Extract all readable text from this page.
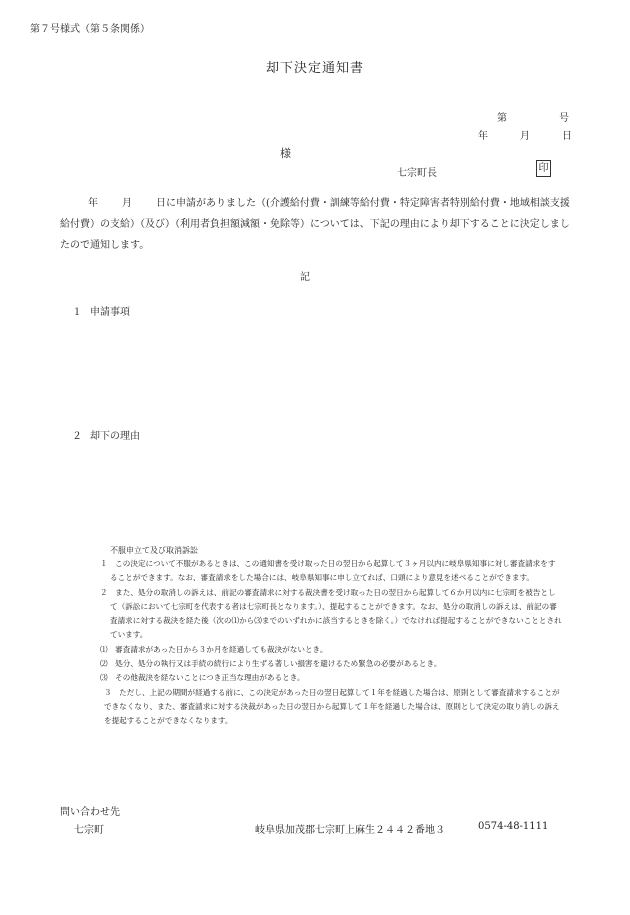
第７号様式（第５条関係）
却下決定通知書
第	号
年	月	日
様
七宗町長	印
年 月 日に申請がありました（(介護給付費・訓練等給付費・特定障害者特別給付費・地域相談支援給付費）の支給）（及び）（利用者負担額減額・免除等）については、下記の理由により却下することに決定しましたので通知します。
記
１ 申請事項
２ 却下の理由
不服申立て及び取消訴訟

１　この決定について不服があるときは、この通知書を受け取った日の翌日から起算して３ヶ月以内に岐阜県知事に対し審査請求をすることができます。なお、審査請求をした場合には、岐阜県知事に申し立てれば、口頭により意見を述べることができます。

２　また、処分の取消しの訴えは、前記の審査請求に対する裁決書を受け取った日の翌日から起算して６か月以内に七宗町を被告として（訴訟において七宗町を代表する者は七宗町長となります。）、提起することができます。なお、処分の取消しの訴えは、前記の審査請求に対する裁決を経た後（次の⑴から⑶までのいずれかに該当するときを除く。）でなければ提起することができないこととされています。

⑴　審査請求があった日から３か月を経過しても裁決がないとき。

⑵　処分、処分の執行又は手続の続行により生ずる著しい損害を避けるため緊急の必要があるとき。

⑶　その他裁決を経ないことにつき正当な理由があるとき。

３　ただし、上記の期間が経過する前に、この決定があった日の翌日起算して１年を経過した場合は、原則として審査請求することができなくなり、また、審査請求に対する決裁があった日の翌日から起算して１年を経過した場合は、原則として決定の取り消しの訴えを提起することができなくなります。

問い合わせ先
七宗町	岐阜県加茂郡七宗町上麻生２４４２番地３	0574-48-1111
